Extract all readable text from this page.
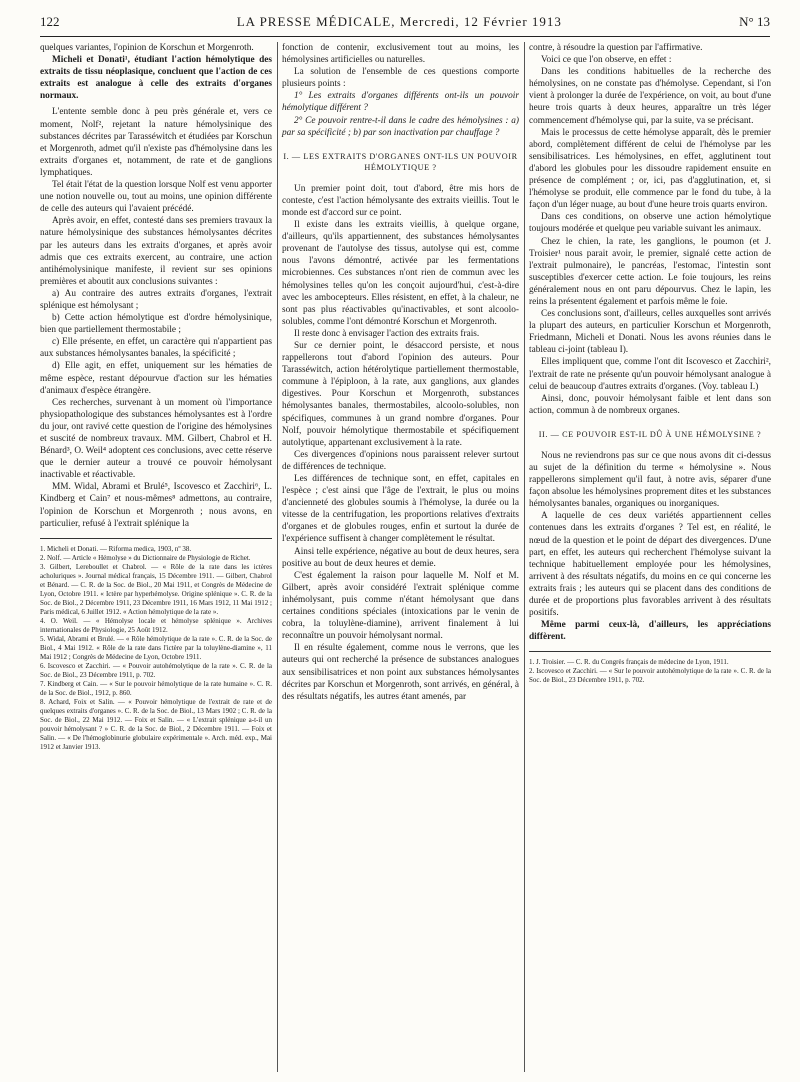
122	LA PRESSE MÉDICALE, Mercredi, 12 Février 1913	N° 13

quelques variantes, l'opinion de Korschun et Morgenroth.

Micheli et Donati¹, étudiant l'action hémolytique des extraits de tissu néoplasique, concluent que l'action de ces extraits est analogue à celle des extraits d'organes normaux.

L'entente semble donc à peu près générale et, vers ce moment, Nolf², rejetant la nature hémolysinique des substances décrites par Tarasséwitch et étudiées par Korschun et Morgenroth, admet qu'il n'existe pas d'hémolysine dans les extraits d'organes et, notamment, de rate et de ganglions lymphatiques.

Tel était l'état de la question lorsque Nolf est venu apporter une notion nouvelle ou, tout au moins, une opinion différente de celle des auteurs qui l'avaient précédé.

Après avoir, en effet, contesté dans ses premiers travaux la nature hémolysinique des substances hémolysantes décrites par les auteurs dans les extraits d'organes, et après avoir admis que ces extraits exercent, au contraire, une action antihémolysinique manifeste, il revient sur ses opinions premières et aboutit aux conclusions suivantes :

a) Au contraire des autres extraits d'organes, l'extrait splénique est hémolysant ;

b) Cette action hémolytique est d'ordre hémolysinique, bien que partiellement thermostabile ;

c) Elle présente, en effet, un caractère qui n'appartient pas aux substances hémolysantes banales, la spécificité ;

d) Elle agit, en effet, uniquement sur les hématies de même espèce, restant dépourvue d'action sur les hématies d'animaux d'espèce étrangère.

Ces recherches, survenant à un moment où l'importance physiopathologique des substances hémolysantes est à l'ordre du jour, ont ravivé cette question de l'origine des hémolysines et suscité de nombreux travaux. MM. Gilbert, Chabrol et H. Bénard³, O. Weil⁴ adoptent ces conclusions, avec cette réserve que le dernier auteur a trouvé ce pouvoir hémolysant inactivable et réactivable.

MM. Widal, Abrami et Brulé⁵, Iscovesco et Zacchiri⁶, L. Kindberg et Cain⁷ et nous-mêmes⁸ admettons, au contraire, l'opinion de Korschun et Morgenroth ; nous avons, en particulier, refusé à l'extrait splénique la

1. Micheli et Donati. — Riforma medica, 1903, nº 38.

2. Nolf. — Article « Hémolyse » du Dictionnaire de Physiologie de Richet.

3. Gilbert, Lereboullet et Chabrol. — « Rôle de la rate dans les ictères acholuriques ». Journal médical français, 15 Décembre 1911. — Gilbert, Chabrol et Bénard. — C. R. de la Soc. de Biol., 20 Mai 1911, et Congrès de Médecine de Lyon, Octobre 1911. « Ictère par hyperhémolyse. Origine splénique ». C. R. de la Soc. de Biol., 2 Décembre 1911, 23 Décembre 1911, 16 Mars 1912, 11 Mai 1912 ; Paris médical, 6 Juillet 1912. « Action hémolytique de la rate ».

4. O. Weil. — « Hémolyse locale et hémolyse splénique ». Archives internationales de Physiologie, 25 Août 1912.

5. Widal, Abrami et Brulé. — « Rôle hémolytique de la rate ». C. R. de la Soc. de Biol., 4 Mai 1912. « Rôle de la rate dans l'ictère par la toluylène-diamine », 11 Mai 1912 ; Congrès de Médecine de Lyon, Octobre 1911.

6. Iscovesco et Zacchiri. — « Pouvoir autohémolytique de la rate ». C. R. de la Soc. de Biol., 23 Décembre 1911, p. 702.

7. Kindberg et Cain. — « Sur le pouvoir hémolytique de la rate humaine ». C. R. de la Soc. de Biol., 1912, p. 860.

8. Achard, Foix et Salin. — « Pouvoir hémolytique de l'extrait de rate et de quelques extraits d'organes ». C. R. de la Soc. de Biol., 13 Mars 1902 ; C. R. de la Soc. de Biol., 22 Mai 1912. — Foix et Salin. — « L'extrait splénique a-t-il un pouvoir hémolysant ? » C. R. de la Soc. de Biol., 2 Décembre 1911. — Foix et Salin. — « De l'hémoglobinurie globulaire expérimentale ». Arch. méd. exp., Mai 1912 et Janvier 1913.

fonction de contenir, exclusivement tout au moins, les hémolysines artificielles ou naturelles.

La solution de l'ensemble de ces questions comporte plusieurs points :

1° Les extraits d'organes différents ont-ils un pouvoir hémolytique différent ?

2° Ce pouvoir rentre-t-il dans le cadre des hémolysines : a) par sa spécificité ; b) par son inactivation par chauffage ?

I. — LES EXTRAITS D'ORGANES ONT-ILS UN POUVOIR HÉMOLYTIQUE ?

Un premier point doit, tout d'abord, être mis hors de conteste, c'est l'action hémolysante des extraits vieillis. Tout le monde est d'accord sur ce point.

Il existe dans les extraits vieillis, à quelque organe, d'ailleurs, qu'ils appartiennent, des substances hémolysantes provenant de l'autolyse des tissus, autolyse qui est, comme nous l'avons démontré, activée par les fermentations microbiennes. Ces substances n'ont rien de commun avec les hémolysines telles qu'on les conçoit aujourd'hui, c'est-à-dire avec les ambocepteurs. Elles résistent, en effet, à la chaleur, ne sont pas plus réactivables qu'inactivables, et sont alcoolo-solubles, comme l'ont démontré Korschun et Morgenroth.

Il reste donc à envisager l'action des extraits frais.

Sur ce dernier point, le désaccord persiste, et nous rappellerons tout d'abord l'opinion des auteurs. Pour Tarasséwitch, action hétérolytique partiellement thermostable, commune à l'épiploon, à la rate, aux ganglions, aux glandes digestives. Pour Korschun et Morgenroth, substances hémolysantes banales, thermostabiles, alcoolo-solubles, non spécifiques, communes à un grand nombre d'organes. Pour Nolf, pouvoir hémolytique thermostabile et spécifiquement autolytique, appartenant exclusivement à la rate.

Ces divergences d'opinions nous paraissent relever surtout de différences de technique.

Les différences de technique sont, en effet, capitales en l'espèce ; c'est ainsi que l'âge de l'extrait, le plus ou moins d'ancienneté des globules soumis à l'hémolyse, la durée ou la vitesse de la centrifugation, les proportions relatives d'extraits d'organes et de globules rouges, enfin et surtout la durée de l'expérience suffisent à changer complètement le résultat.

Ainsi telle expérience, négative au bout de deux heures, sera positive au bout de deux heures et demie.

C'est également la raison pour laquelle M. Nolf et M. Gilbert, après avoir considéré l'extrait splénique comme inhémolysant, puis comme n'étant hémolysant que dans certaines conditions spéciales (intoxications par le venin de cobra, la toluylène-diamine), arrivent finalement à lui reconnaître un pouvoir hémolysant normal.

Il en résulte également, comme nous le verrons, que les auteurs qui ont recherché la présence de substances analogues aux sensibilisatrices et non point aux substances hémolysantes décrites par Korschun et Morgenroth, sont arrivés, en général, à des résultats négatifs, les autres étant amenés, par

contre, à résoudre la question par l'affirmative.

Voici ce que l'on observe, en effet :

Dans les conditions habituelles de la recherche des hémolysines, on ne constate pas d'hémolyse. Cependant, si l'on vient à prolonger la durée de l'expérience, on voit, au bout d'une heure trois quarts à deux heures, apparaître un très léger commencement d'hémolyse qui, par la suite, va se précisant.

Mais le processus de cette hémolyse apparaît, dès le premier abord, complètement différent de celui de l'hémolyse par les sensibilisatrices. Les hémolysines, en effet, agglutinent tout d'abord les globules pour les dissoudre rapidement ensuite en présence de complément ; or, ici, pas d'agglutination, et, si l'hémolyse se produit, elle commence par le fond du tube, à la façon d'un léger nuage, au bout d'une heure trois quarts environ.

Dans ces conditions, on observe une action hémolytique toujours modérée et quelque peu variable suivant les animaux.

Chez le chien, la rate, les ganglions, le poumon (et J. Troisier¹ nous parait avoir, le premier, signalé cette action de l'extrait pulmonaire), le pancréas, l'estomac, l'intestin sont susceptibles d'exercer cette action. Le foie toujours, les reins généralement nous en ont paru dépourvus. Chez le lapin, les reins la présentent également et parfois même le foie.

Ces conclusions sont, d'ailleurs, celles auxquelles sont arrivés la plupart des auteurs, en particulier Korschun et Morgenroth, Friedmann, Micheli et Donati. Nous les avons réunies dans le tableau ci-joint (tableau I).

Elles impliquent que, comme l'ont dit Iscovesco et Zacchiri², l'extrait de rate ne présente qu'un pouvoir hémolysant analogue à celui de beaucoup d'autres extraits d'organes. (Voy. tableau I.)

Ainsi, donc, pouvoir hémolysant faible et lent dans son action, commun à de nombreux organes.

II. — CE POUVOIR EST-IL DÛ À UNE HÉMOLYSINE ?

Nous ne reviendrons pas sur ce que nous avons dit ci-dessus au sujet de la définition du terme « hémolysine ». Nous rappellerons simplement qu'il faut, à notre avis, séparer d'une façon absolue les hémolysines proprement dites et les substances hémolysantes banales, organiques ou inorganiques.

A laquelle de ces deux variétés appartiennent celles contenues dans les extraits d'organes ? Tel est, en réalité, le nœud de la question et le point de départ des divergences. D'une part, en effet, les auteurs qui recherchent l'hémolyse suivant la technique habituellement employée pour les hémolysines, arrivent à des résultats négatifs, du moins en ce qui concerne les extraits frais ; les auteurs qui se placent dans des conditions de durée et de proportions plus favorables arrivent à des résultats positifs.

Même parmi ceux-là, d'ailleurs, les appréciations diffèrent.

1. J. Troisier. — C. R. du Congrès français de médecine de Lyon, 1911.

2. Iscovesco et Zacchiri. — « Sur le pouvoir autohémolytique de la rate ». C. R. de la Soc. de Biol., 23 Décembre 1911, p. 702.
